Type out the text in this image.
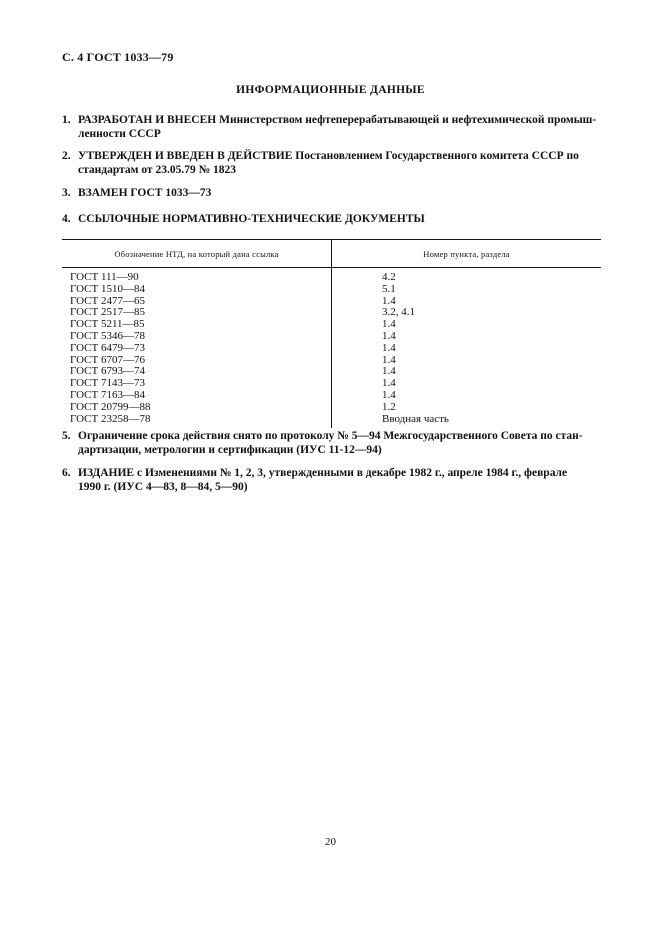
С. 4 ГОСТ 1033—79
ИНФОРМАЦИОННЫЕ ДАННЫЕ
1. РАЗРАБОТАН И ВНЕСЕН Министерством нефтеперерабатывающей и нефтехимической промыш-
ленности СССР
2. УТВЕРЖДЕН И ВВЕДЕН В ДЕЙСТВИЕ Постановлением Государственного комитета СССР по
стандартам от 23.05.79 № 1823
3. ВЗАМЕН ГОСТ 1033—73
4. ССЫЛОЧНЫЕ НОРМАТИВНО-ТЕХНИЧЕСКИЕ ДОКУМЕНТЫ
Обозначение НТД, на который дана ссылка	Номер пункта, раздела
ГОСТ 111—90	4.2
ГОСТ 1510—84	5.1
ГОСТ 2477—65	1.4
ГОСТ 2517—85	3.2, 4.1
ГОСТ 5211—85	1.4
ГОСТ 5346—78	1.4
ГОСТ 6479—73	1.4
ГОСТ 6707—76	1.4
ГОСТ 6793—74	1.4
ГОСТ 7143—73	1.4
ГОСТ 7163—84	1.4
ГОСТ 20799—88	1.2
ГОСТ 23258—78	Вводная часть
5. Ограничение срока действия снято по протоколу № 5—94 Межгосударственного Совета по стан-
дартизации, метрологии и сертификации (ИУС 11-12—94)
6. ИЗДАНИЕ с Изменениями № 1, 2, 3, утвержденными в декабре 1982 г., апреле 1984 г., феврале
1990 г. (ИУС 4—83, 8—84, 5—90)
20
